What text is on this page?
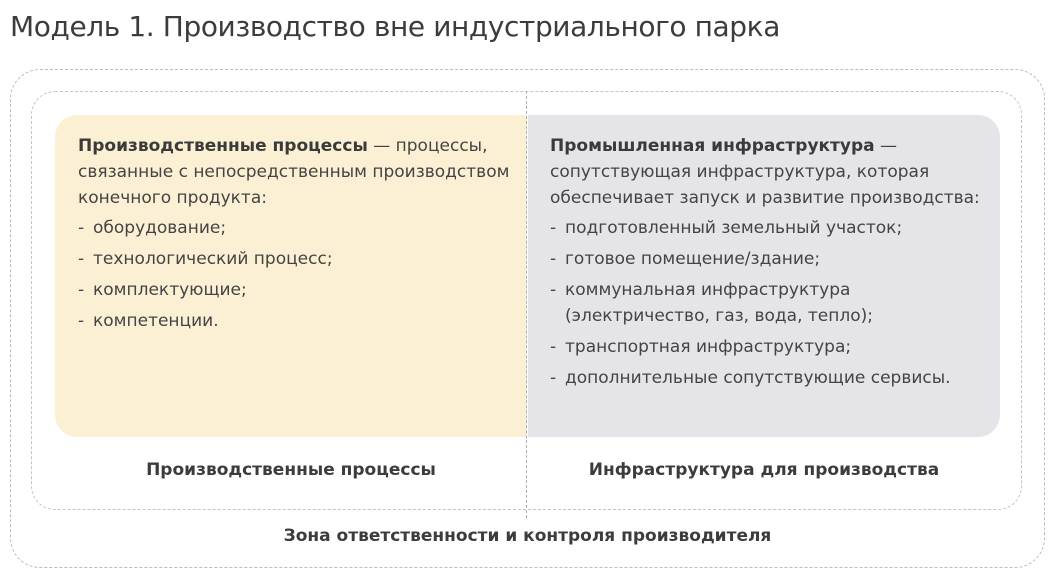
Модель 1. Производство вне индустриального парка

Производственные процессы — процессы, связанные с непосредственным производством конечного продукта:

- оборудование;
- технологический процесс;
- комплектующие;
- компетенции.

Промышленная инфраструктура — сопутствующая инфраструктура, которая обеспечивает запуск и развитие производства:

- подготовленный земельный участок;
- готовое помещение/здание;
- коммунальная инфраструктура (электричество, газ, вода, тепло);
- транспортная инфраструктура;
- дополнительные сопутствующие сервисы.
Производственные процессы	Инфраструктура для производства
Зона ответственности и контроля производителя
